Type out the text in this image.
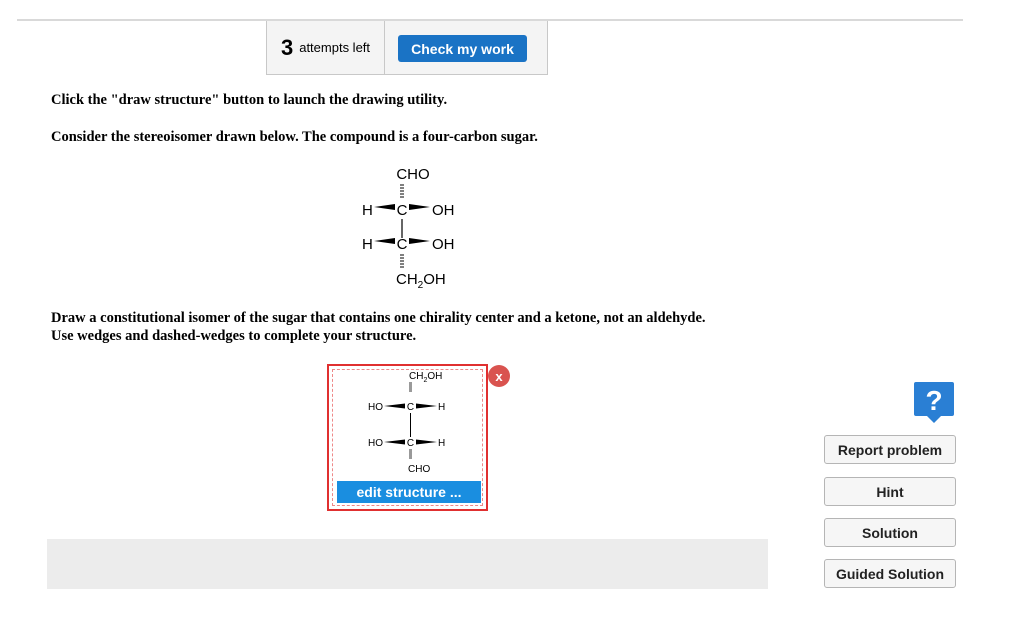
3 attempts left	Check my work

Click the "draw structure" button to launch the drawing utility.

Consider the stereoisomer drawn below. The compound is a four-carbon sugar.

CHO
H C OH
H C OH
$CH_2OH$

Draw a constitutional isomer of the sugar that contains one chirality center and a ketone, not an aldehyde. Use wedges and dashed-wedges to complete your structure.

$CH_2OH$
HO C H
HO C H
CHO
edit structure ...
x
?
Report problem
Hint
Solution
Guided Solution
